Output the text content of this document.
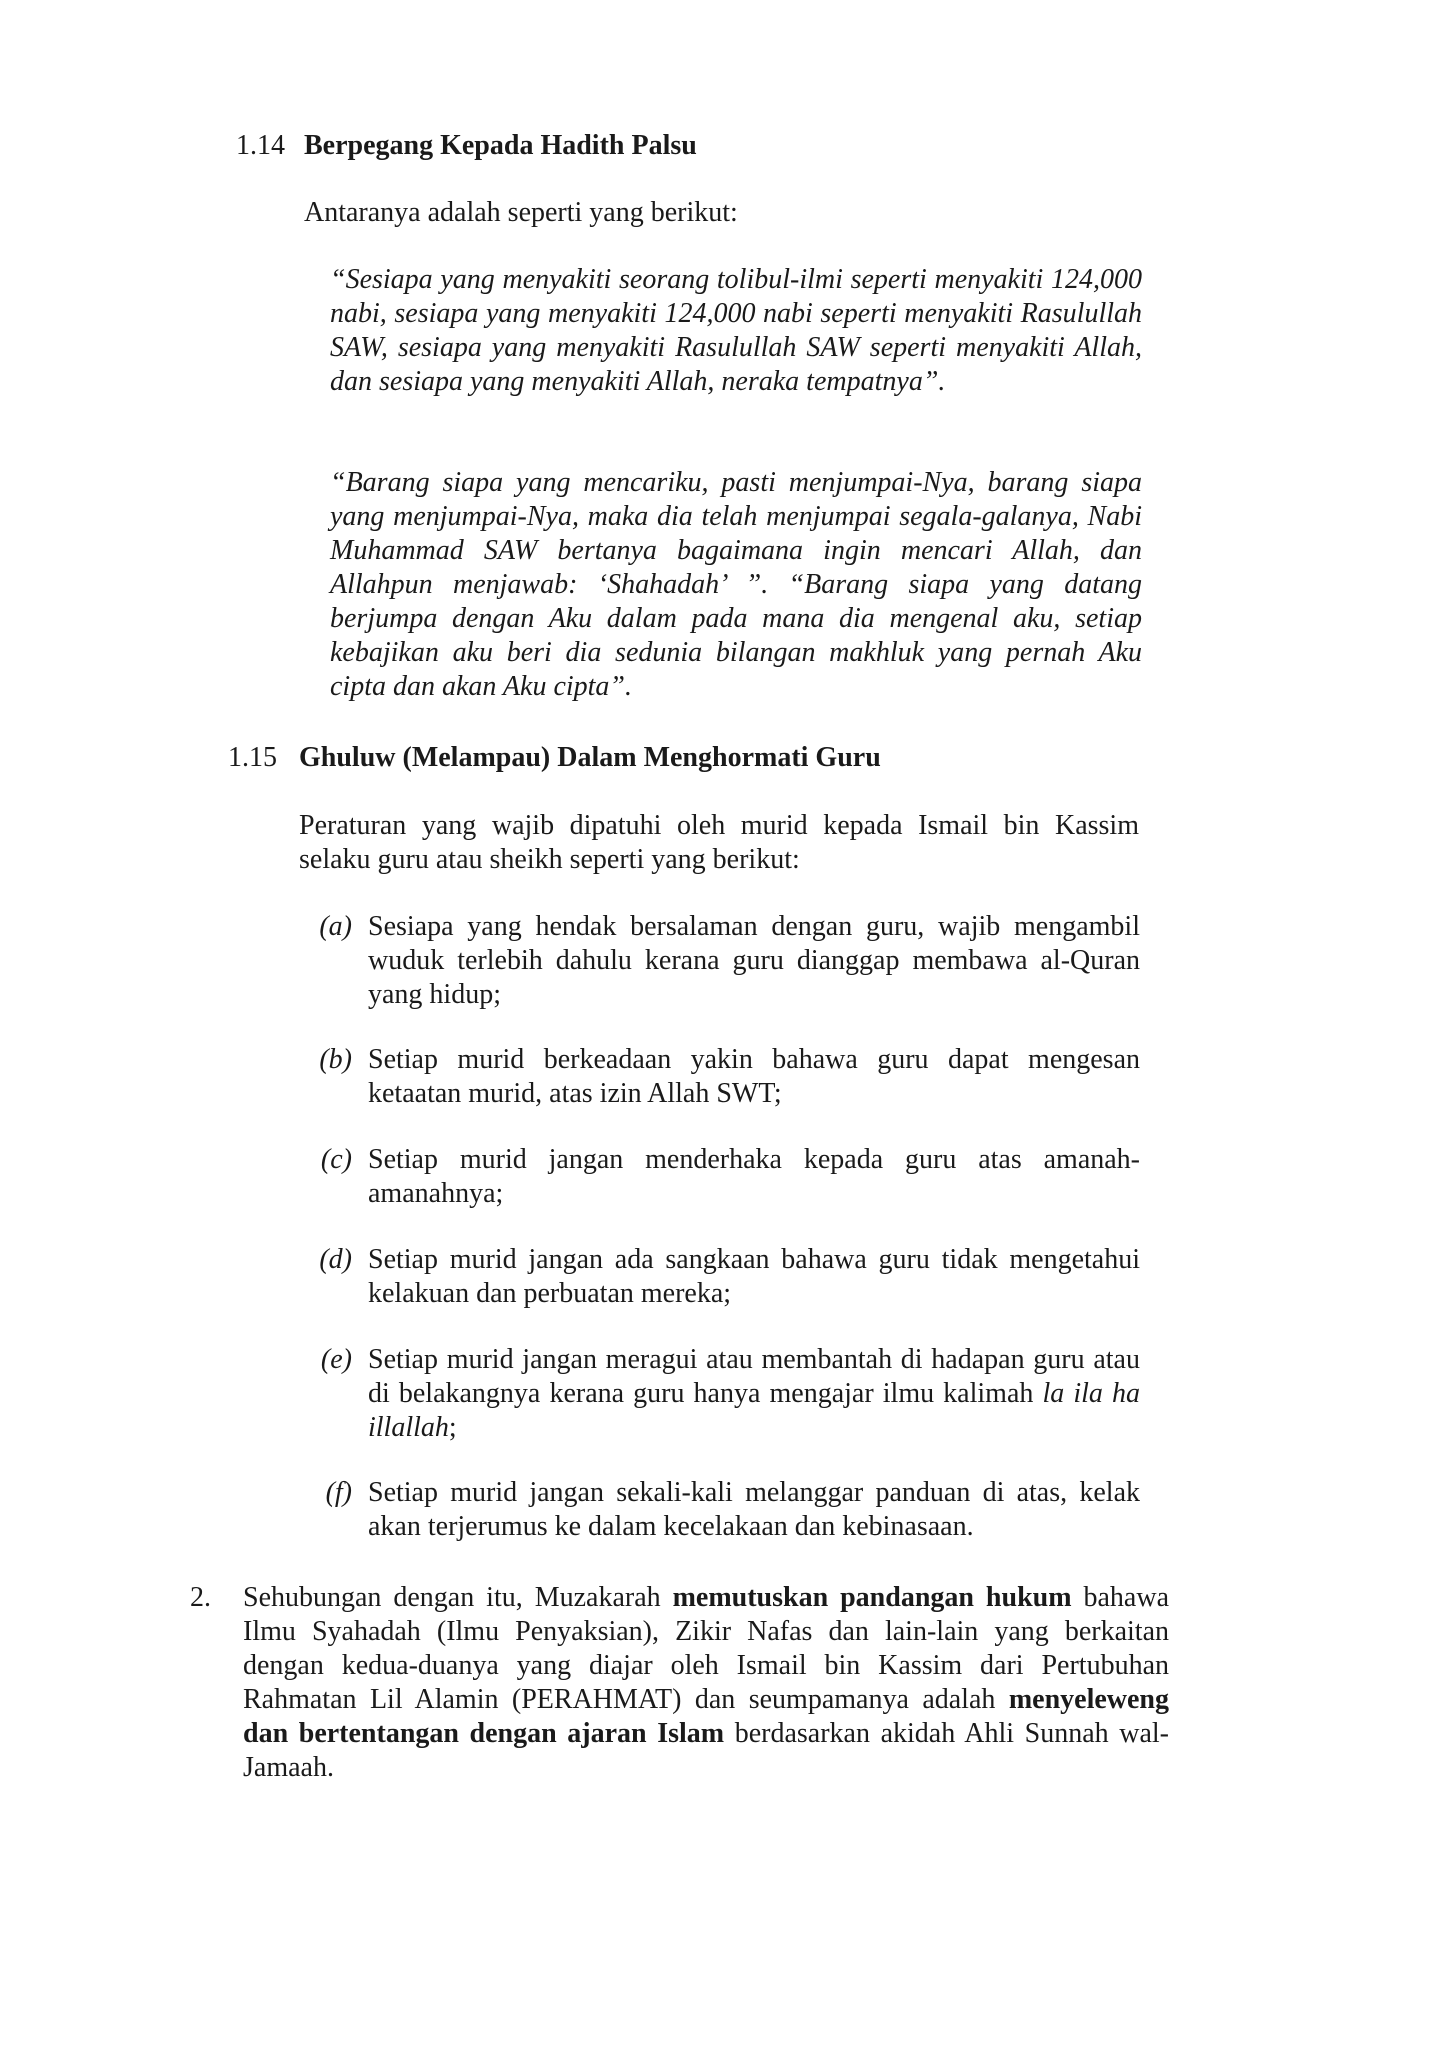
1.14 Berpegang Kepada Hadith Palsu
Antaranya adalah seperti yang berikut:
“Sesiapa yang menyakiti seorang tolibul-ilmi seperti menyakiti 124,000 nabi, sesiapa yang menyakiti 124,000 nabi seperti menyakiti Rasulullah SAW, sesiapa yang menyakiti Rasulullah SAW seperti menyakiti Allah, dan sesiapa yang menyakiti Allah, neraka tempatnya”.
“Barang siapa yang mencariku, pasti menjumpai-Nya, barang siapa yang menjumpai-Nya, maka dia telah menjumpai segala-galanya, Nabi Muhammad SAW bertanya bagaimana ingin mencari Allah, dan Allahpun menjawab: ‘Shahadah’ ”. “Barang siapa yang datang berjumpa dengan Aku dalam pada mana dia mengenal aku, setiap kebajikan aku beri dia sedunia bilangan makhluk yang pernah Aku cipta dan akan Aku cipta”.
1.15 Ghuluw (Melampau) Dalam Menghormati Guru
Peraturan yang wajib dipatuhi oleh murid kepada Ismail bin Kassim selaku guru atau sheikh seperti yang berikut:
(a) Sesiapa yang hendak bersalaman dengan guru, wajib mengambil wuduk terlebih dahulu kerana guru dianggap membawa al-Quran yang hidup;
(b) Setiap murid berkeadaan yakin bahawa guru dapat mengesan ketaatan murid, atas izin Allah SWT;
(c) Setiap murid jangan menderhaka kepada guru atas amanah-amanahnya;
(d) Setiap murid jangan ada sangkaan bahawa guru tidak mengetahui kelakuan dan perbuatan mereka;
(e) Setiap murid jangan meragui atau membantah di hadapan guru atau di belakangnya kerana guru hanya mengajar ilmu kalimah la ila ha illallah;
(f) Setiap murid jangan sekali-kali melanggar panduan di atas, kelak akan terjerumus ke dalam kecelakaan dan kebinasaan.
2.	Sehubungan dengan itu, Muzakarah memutuskan pandangan hukum bahawa Ilmu Syahadah (Ilmu Penyaksian), Zikir Nafas dan lain-lain yang berkaitan dengan kedua-duanya yang diajar oleh Ismail bin Kassim dari Pertubuhan Rahmatan Lil Alamin (PERAHMAT) dan seumpamanya adalah menyeleweng dan bertentangan dengan ajaran Islam berdasarkan akidah Ahli Sunnah wal-Jamaah.
